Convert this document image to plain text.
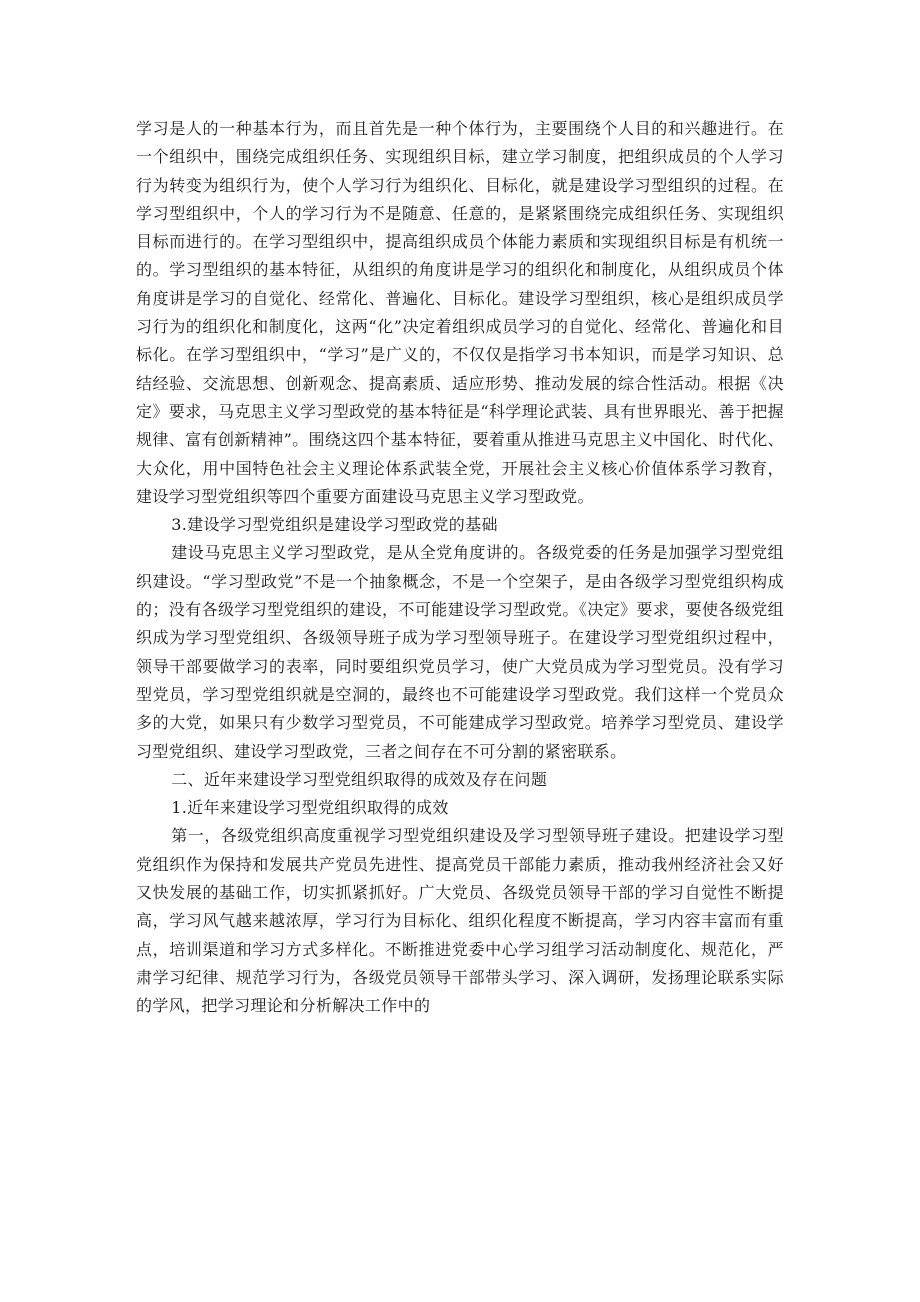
学习是人的一种基本行为，而且首先是一种个体行为，主要围绕个人目的和兴趣进行。在一个组织中，围绕完成组织任务、实现组织目标，建立学习制度，把组织成员的个人学习行为转变为组织行为，使个人学习行为组织化、目标化，就是建设学习型组织的过程。在学习型组织中，个人的学习行为不是随意、任意的，是紧紧围绕完成组织任务、实现组织目标而进行的。在学习型组织中，提高组织成员个体能力素质和实现组织目标是有机统一的。学习型组织的基本特征，从组织的角度讲是学习的组织化和制度化，从组织成员个体角度讲是学习的自觉化、经常化、普遍化、目标化。建设学习型组织，核心是组织成员学习行为的组织化和制度化，这两“化”决定着组织成员学习的自觉化、经常化、普遍化和目标化。在学习型组织中，“学习”是广义的，不仅仅是指学习书本知识，而是学习知识、总结经验、交流思想、创新观念、提高素质、适应形势、推动发展的综合性活动。根据《决定》要求，马克思主义学习型政党的基本特征是“科学理论武装、具有世界眼光、善于把握规律、富有创新精神”。围绕这四个基本特征，要着重从推进马克思主义中国化、时代化、大众化，用中国特色社会主义理论体系武装全党，开展社会主义核心价值体系学习教育，建设学习型党组织等四个重要方面建设马克思主义学习型政党。

3.建设学习型党组织是建设学习型政党的基础

建设马克思主义学习型政党，是从全党角度讲的。各级党委的任务是加强学习型党组织建设。“学习型政党”不是一个抽象概念，不是一个空架子，是由各级学习型党组织构成的；没有各级学习型党组织的建设，不可能建设学习型政党。《决定》要求，要使各级党组织成为学习型党组织、各级领导班子成为学习型领导班子。在建设学习型党组织过程中，领导干部要做学习的表率，同时要组织党员学习，使广大党员成为学习型党员。没有学习型党员，学习型党组织就是空洞的，最终也不可能建设学习型政党。我们这样一个党员众多的大党，如果只有少数学习型党员，不可能建成学习型政党。培养学习型党员、建设学习型党组织、建设学习型政党，三者之间存在不可分割的紧密联系。

二、近年来建设学习型党组织取得的成效及存在问题

1.近年来建设学习型党组织取得的成效

第一，各级党组织高度重视学习型党组织建设及学习型领导班子建设。把建设学习型党组织作为保持和发展共产党员先进性、提高党员干部能力素质，推动我州经济社会又好又快发展的基础工作，切实抓紧抓好。广大党员、各级党员领导干部的学习自觉性不断提高，学习风气越来越浓厚，学习行为目标化、组织化程度不断提高，学习内容丰富而有重点，培训渠道和学习方式多样化。不断推进党委中心学习组学习活动制度化、规范化，严肃学习纪律、规范学习行为，各级党员领导干部带头学习、深入调研，发扬理论联系实际的学风，把学习理论和分析解决工作中的
